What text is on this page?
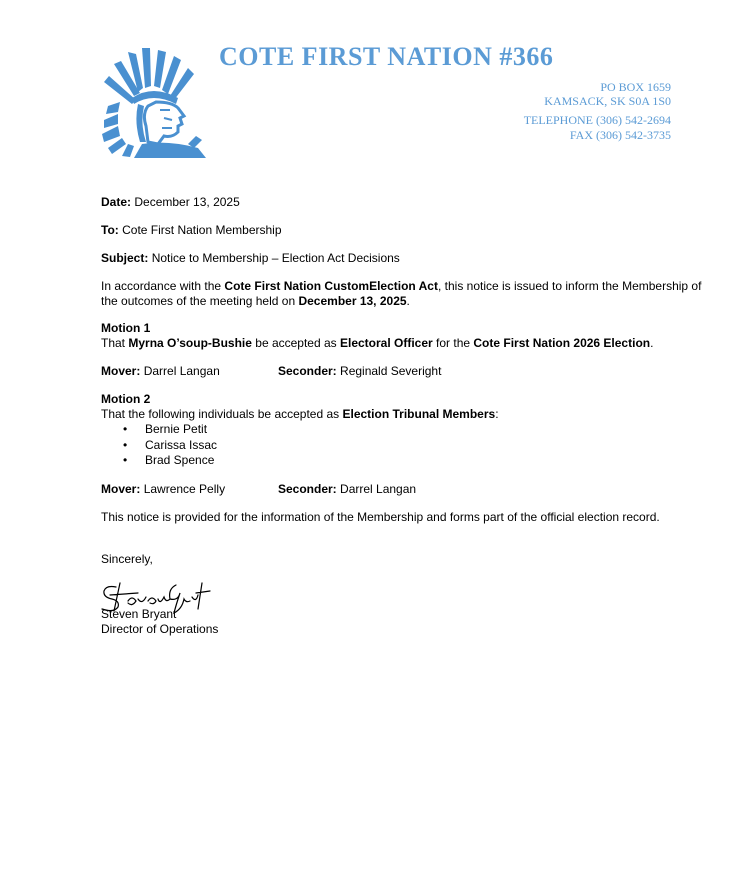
COTE FIRST NATION #366
PO BOX 1659
KAMSACK, SK S0A 1S0
TELEPHONE (306) 542-2694
FAX (306) 542-3735

Date: December 13, 2025

To: Cote First Nation Membership

Subject: Notice to Membership – Election Act Decisions

In accordance with the Cote First Nation CustomElection Act, this notice is issued to inform the Membership of the outcomes of the meeting held on December 13, 2025.

Motion 1

That Myrna O’soup-Bushie be accepted as Electoral Officer for the Cote First Nation 2026 Election.

Mover: Darrel Langan	Seconder: Reginald Severight

Motion 2

That the following individuals be accepted as Election Tribunal Members:

• Bernie Petit
• Carissa Issac
• Brad Spence
Mover: Lawrence Pelly	Seconder: Darrel Langan

This notice is provided for the information of the Membership and forms part of the official election record.

Sincerely,

Steven Bryant

Director of Operations
